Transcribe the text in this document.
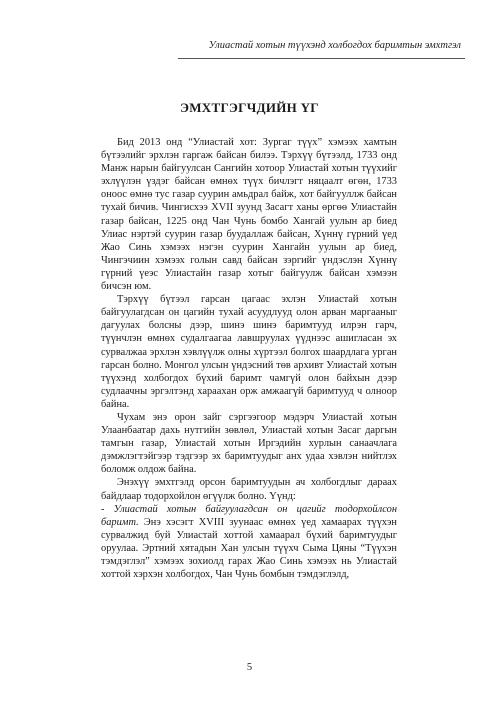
Улиастай хотын түүхэнд холбогдох баримтын эмхтгэл
ЭМХТГЭГЧДИЙН ҮГ

Бид 2013 онд “Улиастай хот: Зургаг түүх” хэмээх хамтын бүтээлийг эрхлэн гаргаж байсан билээ. Тэрхүү бүтээлд, 1733 онд Манж нарын байгуулсан Сангийн хотоор Улиастай хотын түүхийг эхлүүлэн үздэг байсан өмнөх түүх бичлэгт няцаалт өгөн, 1733 оноос өмнө тус газар суурин амьдрал байж, хот байгууллж байсан тухай бичив. Чингисхээ XVII зуунд Засагт ханы өргөө Улиастайн газар байсан, 1225 онд Чан Чунь бомбо Хангай уулын ар биед Улиас нэртэй суурин газар буудаллаж байсан, Хүннү гүрний үед Жао Синь хэмээх нэгэн суурин Хангайн уулын ар биед, Чингэчиин хэмээх голын савд байсан зэргийг үндэслэн Хүннү гүрний үеэс Улиастайн газар хотыг байгуулж байсан хэмээн бичсэн юм.

Тэрхүү бүтээл гарсан цагаас эхлэн Улиастай хотын байгуулагдсан он цагийн тухай асуудлууд олон арван маргааныг дагуулах болсны дээр, шинэ шинэ баримтууд илрэн гарч, түүнчлэн өмнөх судалгаагаа лавшруулах үүднээс ашигласан эх сурвалжаа эрхлэн хэвлүүлж олны хүртээл болгох шаардлага урган гарсан болно. Монгол улсын үндэсний төв архивт Улиастай хотын түүхэнд холбогдох бүхий баримт чамгүй олон байхын дээр судлаачны эргэлтэнд хараахан орж амжаагүй баримтууд ч олноор байна.

Чухам энэ орон зайг сэргээгоор мэдэрч Улиастай хотын Улаанбаатар дахь нутгийн зөвлөл, Улиастай хотын Засаг даргын тамгын газар, Улиастай хотын Иргэдийн хурлын санаачлага дэмжлэгтэйгээр тэдгээр эх баримтуудыг анх удаа хэвлэн нийтлэх боломж олдож байна.

Энэхүү эмхтгэлд орсон баримтуудын ач холбогдлыг дараах байдлаар тодорхойлон өгүүлж болно. Үүнд:

- Улиастай хотын байгуулагдсан он цагийг тодорхойлсон баримт. Энэ хэсэгт XVIII зуунаас өмнөх үед хамаарах түүхэн сурвалжид буй Улиастай хоттой хамаарал бүхий баримтуудыг оруулаа. Эртний хятадын Хан улсын түүхч Сыма Цяны “Түүхэн тэмдэглэл” хэмээх зохиолд гарах Жао Синь хэмээх нь Улиастай хоттой хэрхэн холбогдох, Чан Чунь бомбын тэмдэглэлд,

5
